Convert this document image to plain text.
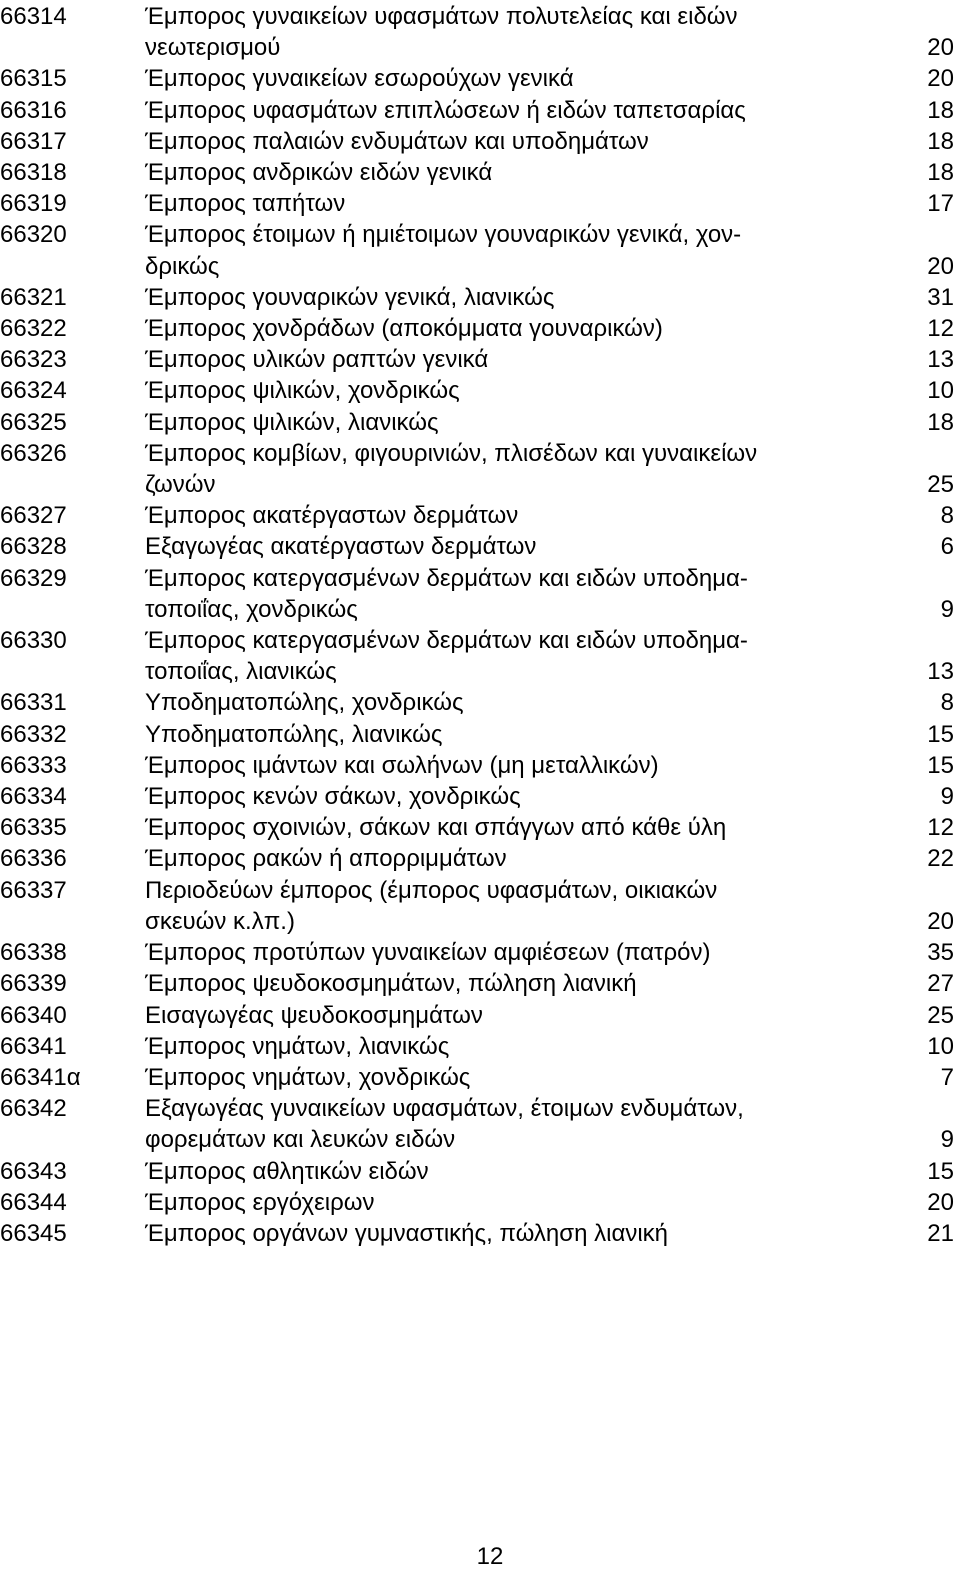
66314	Έμπορος γυναικείων υφασμάτων πολυτελείας και ειδών
νεωτερισμού	20
66315	Έμπορος γυναικείων εσωρούχων γενικά	20
66316	Έμπορος υφασμάτων επιπλώσεων ή ειδών ταπετσαρίας	18
66317	Έμπορος παλαιών ενδυμάτων και υποδημάτων	18
66318	Έμπορος ανδρικών ειδών γενικά	18
66319	Έμπορος ταπήτων	17
66320	Έμπορος έτοιμων ή ημιέτοιμων γουναρικών γενικά, χον-
δρικώς	20
66321	Έμπορος γουναρικών γενικά, λιανικώς	31
66322	Έμπορος χονδράδων (αποκόμματα γουναρικών)	12
66323	Έμπορος υλικών ραπτών γενικά	13
66324	Έμπορος ψιλικών, χονδρικώς	10
66325	Έμπορος ψιλικών, λιανικώς	18
66326	Έμπορος κομβίων, φιγουρινιών, πλισέδων και γυναικείων
ζωνών	25
66327	Έμπορος ακατέργαστων δερμάτων	8
66328	Εξαγωγέας ακατέργαστων δερμάτων	6
66329	Έμπορος κατεργασμένων δερμάτων και ειδών υποδημα-
τοποιΐας, χονδρικώς	9
66330	Έμπορος κατεργασμένων δερμάτων και ειδών υποδημα-
τοποιΐας, λιανικώς	13
66331	Υποδηματοπώλης, χονδρικώς	8
66332	Υποδηματοπώλης, λιανικώς	15
66333	Έμπορος ιμάντων και σωλήνων (μη μεταλλικών)	15
66334	Έμπορος κενών σάκων, χονδρικώς	9
66335	Έμπορος σχοινιών, σάκων και σπάγγων από κάθε ύλη	12
66336	Έμπορος ρακών ή απορριμμάτων	22
66337	Περιοδεύων έμπορος (έμπορος υφασμάτων, οικιακών
σκευών κ.λπ.)	20
66338	Έμπορος προτύπων γυναικείων αμφιέσεων (πατρόν)	35
66339	Έμπορος ψευδοκοσμημάτων, πώληση λιανική	27
66340	Εισαγωγέας ψευδοκοσμημάτων	25
66341	Έμπορος νημάτων, λιανικώς	10
66341α	Έμπορος νημάτων, χονδρικώς	7
66342	Εξαγωγέας γυναικείων υφασμάτων, έτοιμων ενδυμάτων,
φορεμάτων και λευκών ειδών	9
66343	Έμπορος αθλητικών ειδών	15
66344	Έμπορος εργόχειρων	20
66345	Έμπορος οργάνων γυμναστικής, πώληση λιανική	21
12
